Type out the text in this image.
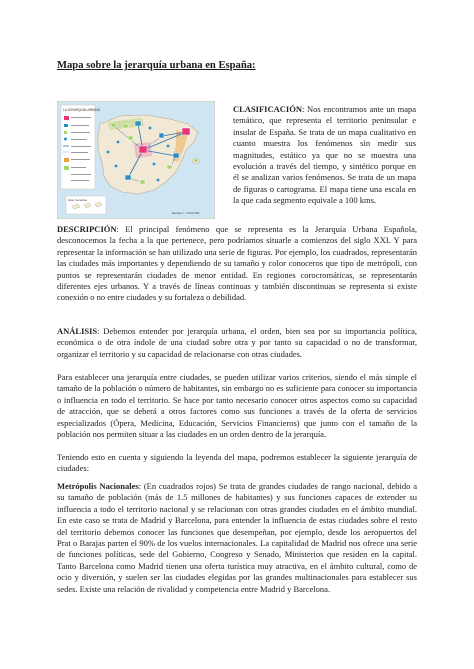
Mapa sobre la jerarquía urbana en España:
LA JERARQUÍA URBANA
Islas Canarias
Escala 1 : 6 000 000

CLASIFICACIÓN: Nos encontramos ante un mapa temático, que representa el territorio peninsular e insular de España. Se trata de un mapa cualitativo en cuanto muestra los fenómenos sin medir sus magnitudes, estático ya que no se muestra una evolución a través del tiempo, y sintético porque en él se analizan varios fenómenos. Se trata de un mapa de figuras o cartograma. El mapa tiene una escala en la que cada segmento equivale a 100 kms.

DESCRIPCIÓN: El principal fenómeno que se representa es la Jerarquía Urbana Española, desconocemos la fecha a la que pertenece, pero podríamos situarle a comienzos del siglo XXI. Y para representar la información se han utilizado una serie de figuras. Por ejemplo, los cuadrados, representarán las ciudades más importantes y dependiendo de su tamaño y color conoceros que tipo de metrópoli, con puntos se representarán ciudades de menor entidad. En regiones corocromáticas, se representarán diferentes ejes urbanos. Y a través de líneas continuas y también discontinuas se representa si existe conexión o no entre ciudades y su fortaleza o debilidad.

ANÁLISIS: Debemos entender por jerarquía urbana, el orden, bien sea por su importancia política, económica o de otra índole de una ciudad sobre otra y por tanto su capacidad o no de transformar, organizar el territorio y su capacidad de relacionarse con otras ciudades.

Para establecer una jerarquía entre ciudades, se pueden utilizar varios criterios, siendo el más simple el tamaño de la población o número de habitantes, sin embargo no es suficiente para conocer su importancia o influencia en todo el territorio. Se hace por tanto necesario conocer otros aspectos como su capacidad de atracción, que se deberá a otros factores como sus funciones a través de la oferta de servicios especializados (Ópera, Medicina, Educación, Servicios Financieros) que junto con el tamaño de la población nos permiten situar a las ciudades en un orden dentro de la jerarquía.

Teniendo esto en cuenta y siguiendo la leyenda del mapa, podremos establecer la siguiente jerarquía de ciudades:

Metrópolis Nacionales: (En cuadrados rojos) Se trata de grandes ciudades de rango nacional, debido a su tamaño de población (más de 1.5 millones de habitantes) y sus funciones capaces de extender su influencia a todo el territorio nacional y se relacionan con otras grandes ciudades en el ámbito mundial. En este caso se trata de Madrid y Barcelona, para entender la influencia de estas ciudades sobre el resto del territorio debemos conocer las funciones que desempeñan, por ejemplo, desde los aeropuertos del Prat o Barajas parten el 90% de los vuelos internacionales. La capitalidad de Madrid nos ofrece una serie de funciones políticas, sede del Gobierno, Congreso y Senado, Ministerios que residen en la capital. Tanto Barcelona como Madrid tienen una oferta turística muy atractiva, en el ámbito cultural, como de ocio y diversión, y suelen ser las ciudades elegidas por las grandes multinacionales para establecer sus sedes. Existe una relación de rivalidad y competencia entre Madrid y Barcelona.
